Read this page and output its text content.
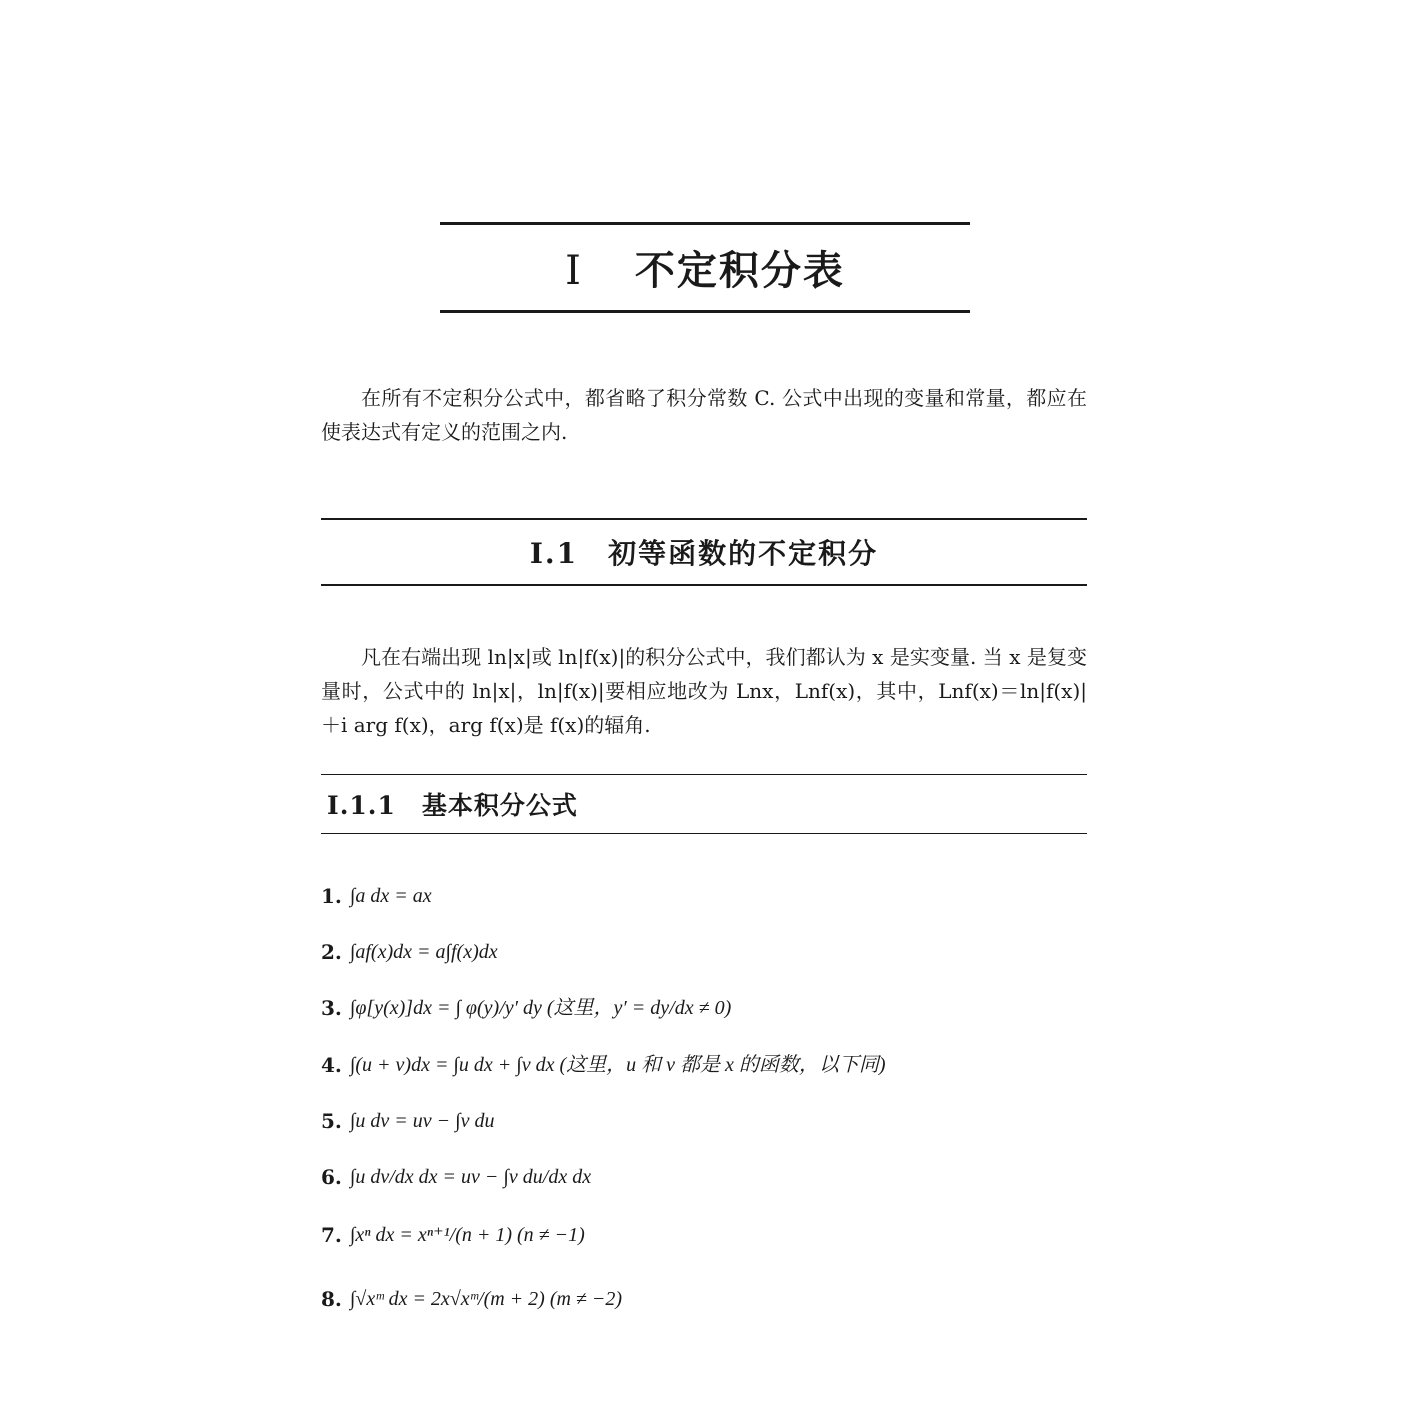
Ⅰ 不定积分表

在所有不定积分公式中，都省略了积分常数 C. 公式中出现的变量和常量，都应在使表达式有定义的范围之内.

Ⅰ.1 初等函数的不定积分

凡在右端出现 ln|x|或 ln|f(x)|的积分公式中，我们都认为 x 是实变量. 当 x 是复变量时，公式中的 ln|x|，ln|f(x)|要相应地改为 Lnx，Lnf(x)，其中，Lnf(x)＝ln|f(x)|＋i arg f(x)，arg f(x)是 f(x)的辐角.

Ⅰ.1.1 基本积分公式
1. ∫a dx = ax
2. ∫af(x)dx = a∫f(x)dx
3. ∫φ[y(x)]dx = ∫ φ(y)/y′ dy (这里，y′ = dy/dx ≠ 0)
4. ∫(u + v)dx = ∫u dx + ∫v dx (这里，u 和 v 都是 x 的函数，以下同)
5. ∫u dv = uv − ∫v du
6. ∫u dv/dx dx = uv − ∫v du/dx dx
7. ∫xⁿ dx = xⁿ⁺¹/(n + 1) (n ≠ −1)
8. ∫√xᵐ dx = 2x√xᵐ/(m + 2) (m ≠ −2)
